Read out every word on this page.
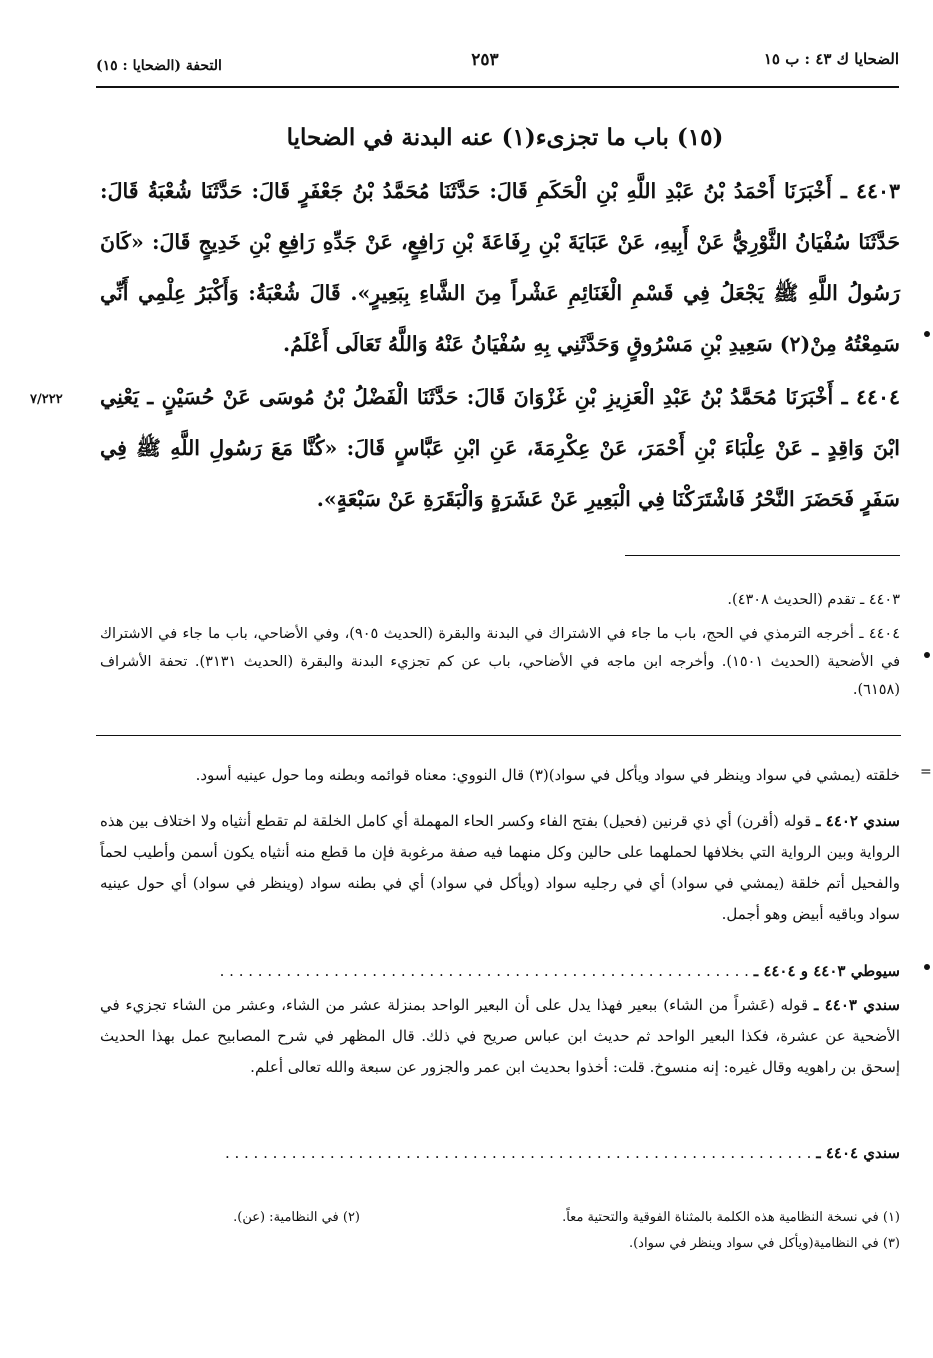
الضحايا ك ٤٣ : ب ١٥
٢٥٣
التحفة (الضحايا : ١٥)
(١٥) باب ما تجزىء(١) عنه البدنة في الضحايا
٤٤٠٣ ـ أَخْبَرَنَا أَحْمَدُ بْنُ عَبْدِ اللَّهِ بْنِ الْحَكَمِ قَالَ: حَدَّثَنَا مُحَمَّدُ بْنُ جَعْفَرٍ قَالَ: حَدَّثَنَا شُعْبَةُ قَالَ: حَدَّثَنَا سُفْيَانُ الثَّوْرِيُّ عَنْ أَبِيهِ، عَنْ عَبَايَةَ بْنِ رِفَاعَةَ بْنِ رَافِعٍ، عَنْ جَدِّهِ رَافِعِ بْنِ خَدِيجٍ قَالَ: «كَانَ رَسُولُ اللَّهِ ﷺ يَجْعَلُ فِي قَسْمِ الْغَنَائِمِ عَشْراً مِنَ الشَّاءِ بِبَعِيرٍ». قَالَ شُعْبَةُ: وَأَكْبَرُ عِلْمِي أَنِّي سَمِعْتُهُ مِنْ(٢) سَعِيدِ بْنِ مَسْرُوقٍ وَحَدَّثَنِي بِهِ سُفْيَانُ عَنْهُ وَاللَّهُ تَعَالَى أَعْلَمُ.
٧/٢٢٢	٤٤٠٤ ـ أَخْبَرَنَا مُحَمَّدُ بْنُ عَبْدِ الْعَزِيزِ بْنِ غَزْوَانَ قَالَ: حَدَّثَنَا الْفَضْلُ بْنُ مُوسَى عَنْ حُسَيْنٍ ـ يَعْنِي ابْنَ وَاقِدٍ ـ عَنْ عِلْبَاءَ بْنِ أَحْمَرَ، عَنْ عِكْرِمَةَ، عَنِ ابْنِ عَبَّاسٍ قَالَ: «كُنَّا مَعَ رَسُولِ اللَّهِ ﷺ فِي سَفَرٍ فَحَضَرَ النَّحْرُ فَاشْتَرَكْنَا فِي الْبَعِيرِ عَنْ عَشَرَةٍ وَالْبَقَرَةِ عَنْ سَبْعَةٍ».
٤٤٠٣ ـ تقدم (الحديث ٤٣٠٨).
٤٤٠٤ ـ أخرجه الترمذي في الحج، باب ما جاء في الاشتراك في البدنة والبقرة (الحديث ٩٠٥)، وفي الأضاحي، باب ما جاء في الاشتراك في الأضحية (الحديث ١٥٠١). وأخرجه ابن ماجه في الأضاحي، باب عن كم تجزيء البدنة والبقرة (الحديث ٣١٣١). تحفة الأشراف (٦١٥٨).
=
خلقته (يمشي في سواد وينظر في سواد ويأكل في سواد)(٣) قال النووي: معناه قوائمه وبطنه وما حول عينيه أسود.
سندي ٤٤٠٢ ـ قوله (أقرن) أي ذي قرنين (فحيل) بفتح الفاء وكسر الحاء المهملة أي كامل الخلقة لم تقطع أنثياه ولا اختلاف بين هذه الرواية وبين الرواية التي بخلافها لحملهما على حالين وكل منهما فيه صفة مرغوبة فإن ما قطع منه أنثياه يكون أسمن وأطيب لحماً والفحيل أتم خلقة (يمشي في سواد) أي في رجليه سواد (ويأكل في سواد) أي في بطنه سواد (وينظر في سواد) أي حول عينيه سواد وباقيه أبيض وهو أجمل.
سيوطي ٤٤٠٣ و ٤٤٠٤ ـ . . . . . . . . . . . . . . . . . . . . . . . . . . . . . . . . . . . . . . . . . . . . . . . . . . . . . . . .
سندي ٤٤٠٣ ـ قوله (عَشراً من الشاء) ببعير فهذا يدل على أن البعير الواحد بمنزلة عشر من الشاء، وعشر من الشاء تجزيء في الأضحية عن عشرة، فكذا البعير الواحد ثم حديث ابن عباس صريح في ذلك. قال المظهر في شرح المصابيح عمل بهذا الحديث إسحق بن راهويه وقال غيره: إنه منسوخ. قلت: أخذوا بحديث ابن عمر والجزور عن سبعة والله تعالى أعلم.
سندي ٤٤٠٤ ـ . . . . . . . . . . . . . . . . . . . . . . . . . . . . . . . . . . . . . . . . . . . . . . . . . . . . . . . . . . . . . .
(١) في نسخة النظامية هذه الكلمة بالمثناة الفوقية والتحتية معاً.
(٢) في النظامية: (عن).
(٣) في النظامية(ويأكل في سواد وينظر في سواد).
